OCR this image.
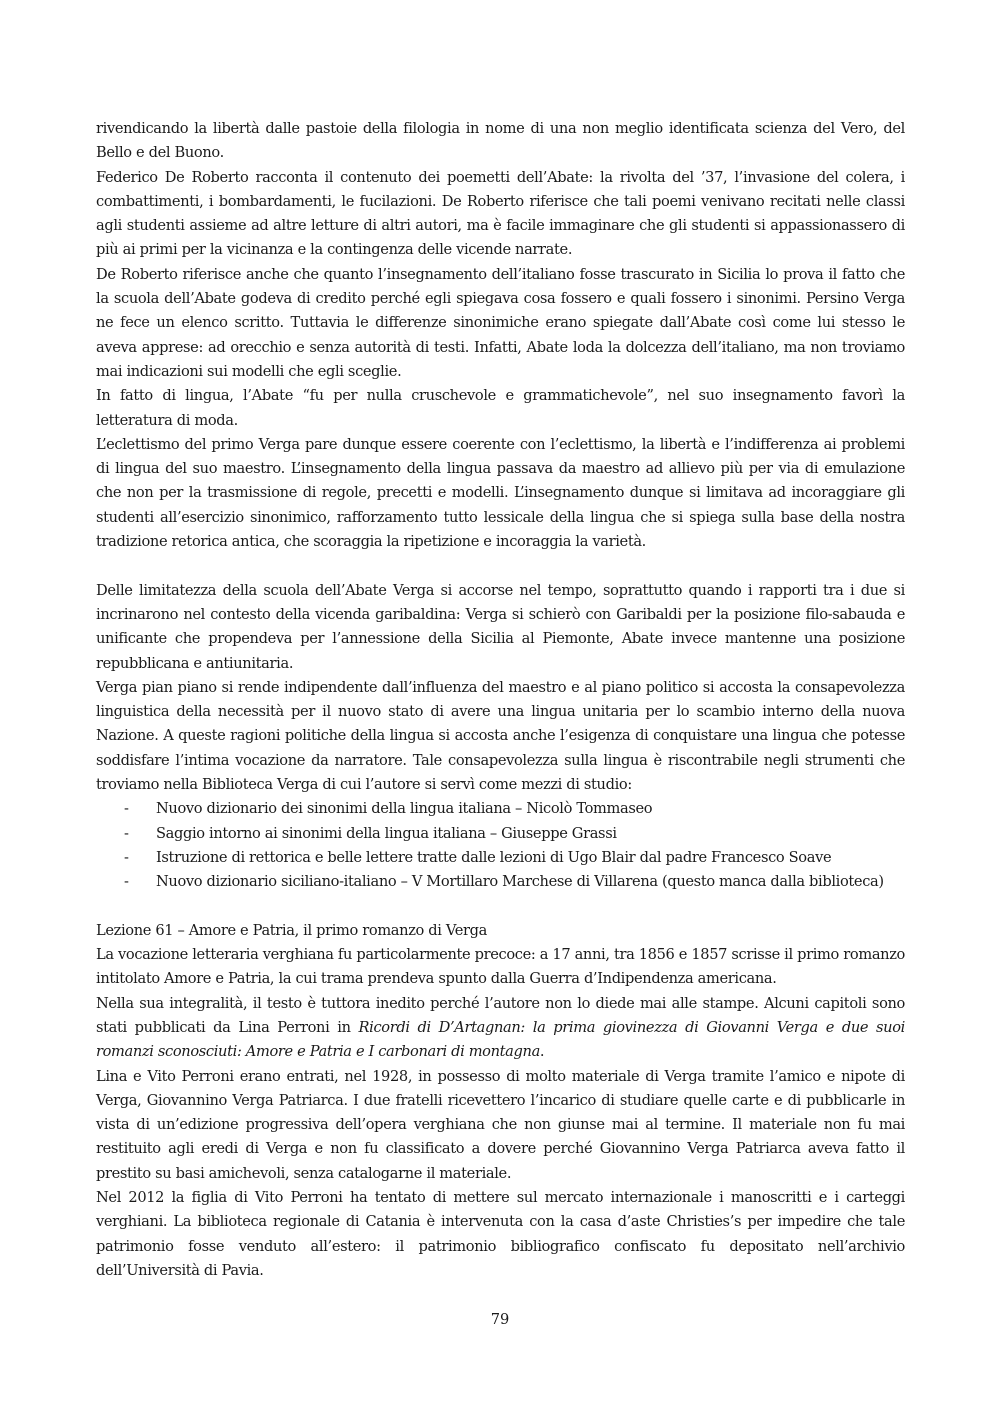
rivendicando la libertà dalle pastoie della filologia in nome di una non meglio identificata scienza del Vero, del Bello e del Buono.

Federico De Roberto racconta il contenuto dei poemetti dell’Abate: la rivolta del ’37, l’invasione del colera, i combattimenti, i bombardamenti, le fucilazioni. De Roberto riferisce che tali poemi venivano recitati nelle classi agli studenti assieme ad altre letture di altri autori, ma è facile immaginare che gli studenti si appassionassero di più ai primi per la vicinanza e la contingenza delle vicende narrate.

De Roberto riferisce anche che quanto l’insegnamento dell’italiano fosse trascurato in Sicilia lo prova il fatto che la scuola dell’Abate godeva di credito perché egli spiegava cosa fossero e quali fossero i sinonimi. Persino Verga ne fece un elenco scritto. Tuttavia le differenze sinonimiche erano spiegate dall’Abate così come lui stesso le aveva apprese: ad orecchio e senza autorità di testi. Infatti, Abate loda la dolcezza dell’italiano, ma non troviamo mai indicazioni sui modelli che egli sceglie.

In fatto di lingua, l’Abate “fu per nulla cruschevole e grammatichevole”, nel suo insegnamento favorì la letteratura di moda.

L’eclettismo del primo Verga pare dunque essere coerente con l’eclettismo, la libertà e l’indifferenza ai problemi di lingua del suo maestro. L’insegnamento della lingua passava da maestro ad allievo più per via di emulazione che non per la trasmissione di regole, precetti e modelli. L’insegnamento dunque si limitava ad incoraggiare gli studenti all’esercizio sinonimico, rafforzamento tutto lessicale della lingua che si spiega sulla base della nostra tradizione retorica antica, che scoraggia la ripetizione e incoraggia la varietà.

Delle limitatezza della scuola dell’Abate Verga si accorse nel tempo, soprattutto quando i rapporti tra i due si incrinarono nel contesto della vicenda garibaldina: Verga si schierò con Garibaldi per la posizione filo-sabauda e unificante che propendeva per l’annessione della Sicilia al Piemonte, Abate invece mantenne una posizione repubblicana e antiunitaria.

Verga pian piano si rende indipendente dall’influenza del maestro e al piano politico si accosta la consapevolezza linguistica della necessità per il nuovo stato di avere una lingua unitaria per lo scambio interno della nuova Nazione. A queste ragioni politiche della lingua si accosta anche l’esigenza di conquistare una lingua che potesse soddisfare l’intima vocazione da narratore. Tale consapevolezza sulla lingua è riscontrabile negli strumenti che troviamo nella Biblioteca Verga di cui l’autore si servì come mezzi di studio:

- Nuovo dizionario dei sinonimi della lingua italiana – Nicolò Tommaseo
- Saggio intorno ai sinonimi della lingua italiana – Giuseppe Grassi
- Istruzione di rettorica e belle lettere tratte dalle lezioni di Ugo Blair dal padre Francesco Soave
- Nuovo dizionario siciliano-italiano – V Mortillaro Marchese di Villarena (questo manca dalla biblioteca)

Lezione 61 – Amore e Patria, il primo romanzo di Verga

La vocazione letteraria verghiana fu particolarmente precoce: a 17 anni, tra 1856 e 1857 scrisse il primo romanzo intitolato Amore e Patria, la cui trama prendeva spunto dalla Guerra d’Indipendenza americana.

Nella sua integralità, il testo è tuttora inedito perché l’autore non lo diede mai alle stampe. Alcuni capitoli sono stati pubblicati da Lina Perroni in Ricordi di D’Artagnan: la prima giovinezza di Giovanni Verga e due suoi romanzi sconosciuti: Amore e Patria e I carbonari di montagna.

Lina e Vito Perroni erano entrati, nel 1928, in possesso di molto materiale di Verga tramite l’amico e nipote di Verga, Giovannino Verga Patriarca. I due fratelli ricevettero l’incarico di studiare quelle carte e di pubblicarle in vista di un’edizione progressiva dell’opera verghiana che non giunse mai al termine. Il materiale non fu mai restituito agli eredi di Verga e non fu classificato a dovere perché Giovannino Verga Patriarca aveva fatto il prestito su basi amichevoli, senza catalogarne il materiale.

Nel 2012 la figlia di Vito Perroni ha tentato di mettere sul mercato internazionale i manoscritti e i carteggi verghiani. La biblioteca regionale di Catania è intervenuta con la casa d’aste Christies’s per impedire che tale patrimonio fosse venduto all’estero: il patrimonio bibliografico confiscato fu depositato nell’archivio dell’Università di Pavia.

79
